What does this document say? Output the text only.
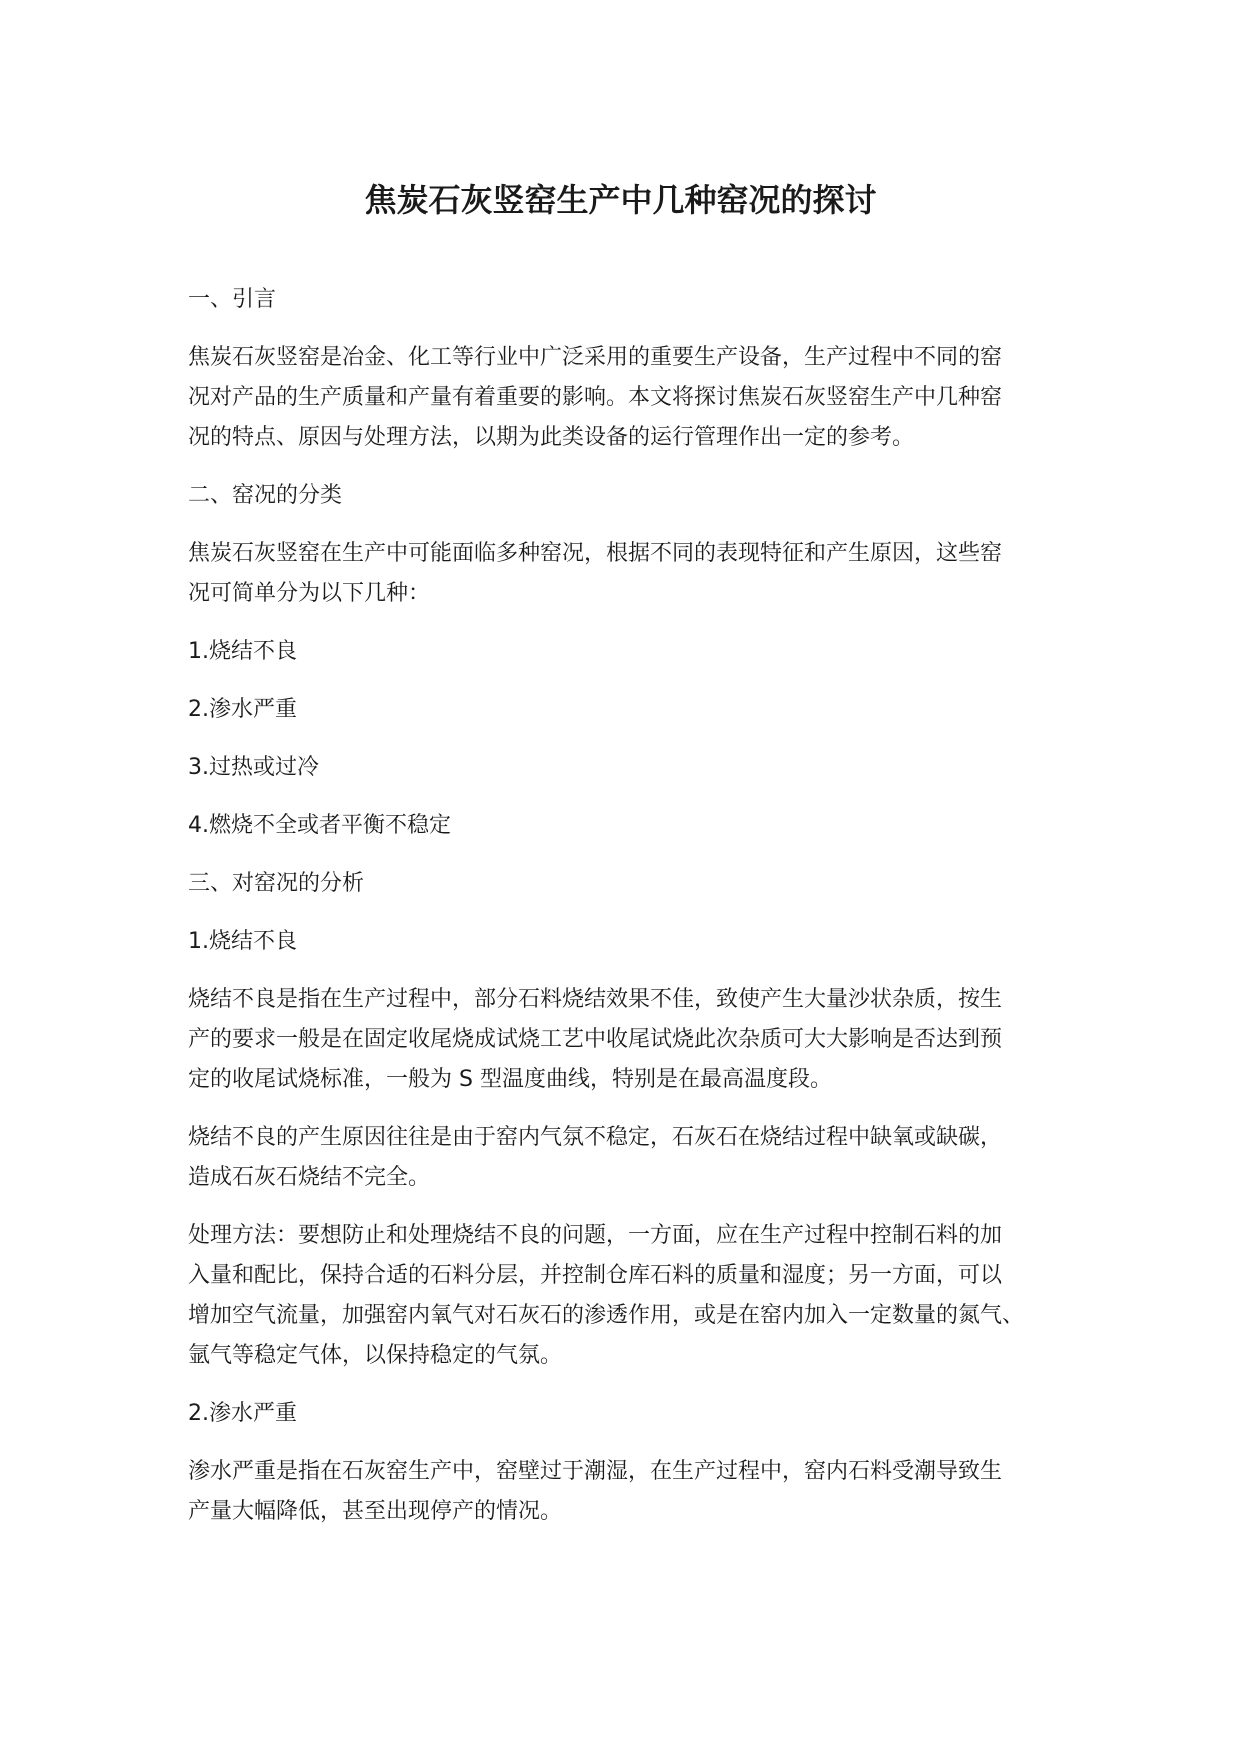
焦炭石灰竖窑生产中几种窑况的探讨

一、引言

焦炭石灰竖窑是冶金、化工等行业中广泛采用的重要生产设备，生产过程中不同的窑
况对产品的生产质量和产量有着重要的影响。本文将探讨焦炭石灰竖窑生产中几种窑
况的特点、原因与处理方法，以期为此类设备的运行管理作出一定的参考。

二、窑况的分类

焦炭石灰竖窑在生产中可能面临多种窑况，根据不同的表现特征和产生原因，这些窑
况可简单分为以下几种：

1.烧结不良

2.渗水严重

3.过热或过冷

4.燃烧不全或者平衡不稳定

三、对窑况的分析

1.烧结不良

烧结不良是指在生产过程中，部分石料烧结效果不佳，致使产生大量沙状杂质，按生
产的要求一般是在固定收尾烧成试烧工艺中收尾试烧此次杂质可大大影响是否达到预
定的收尾试烧标准，一般为 S 型温度曲线，特别是在最高温度段。

烧结不良的产生原因往往是由于窑内气氛不稳定，石灰石在烧结过程中缺氧或缺碳，
造成石灰石烧结不完全。

处理方法：要想防止和处理烧结不良的问题，一方面，应在生产过程中控制石料的加
入量和配比，保持合适的石料分层，并控制仓库石料的质量和湿度；另一方面，可以
增加空气流量，加强窑内氧气对石灰石的渗透作用，或是在窑内加入一定数量的氮气、
氩气等稳定气体，以保持稳定的气氛。

2.渗水严重

渗水严重是指在石灰窑生产中，窑壁过于潮湿，在生产过程中，窑内石料受潮导致生
产量大幅降低，甚至出现停产的情况。
